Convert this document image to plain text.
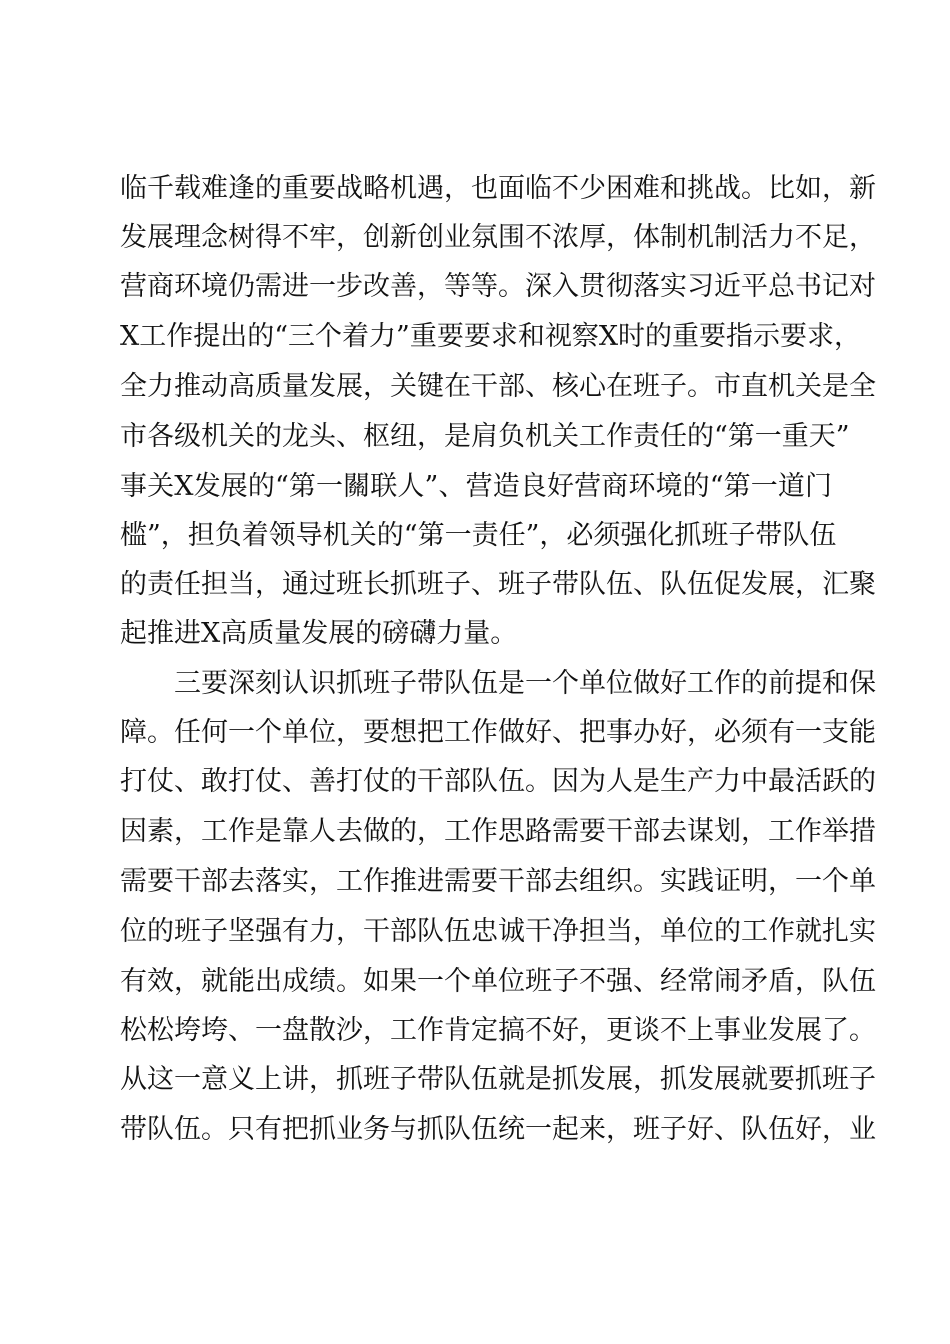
临千载难逢的重要战略机遇，也面临不少困难和挑战。比如，新
发展理念树得不牢，创新创业氛围不浓厚，体制机制活力不足，
营商环境仍需进一步改善，等等。深入贯彻落实习近平总书记对
X工作提出的“三个着力”重要要求和视察X时的重要指示要求，
全力推动高质量发展，关键在干部、核心在班子。市直机关是全
市各级机关的龙头、枢纽，是肩负机关工作责任的“第一重天”
事关X发展的“第一關联人”、营造良好营商环境的“第一道门
槛”，担负着领导机关的“第一责任”，必须强化抓班子带队伍
的责任担当，通过班长抓班子、班子带队伍、队伍促发展，汇聚
起推进X高质量发展的磅礴力量。
三要深刻认识抓班子带队伍是一个单位做好工作的前提和保
障。任何一个单位，要想把工作做好、把事办好，必须有一支能
打仗、敢打仗、善打仗的干部队伍。因为人是生产力中最活跃的
因素，工作是靠人去做的，工作思路需要干部去谋划，工作举措
需要干部去落实，工作推进需要干部去组织。实践证明，一个单
位的班子坚强有力，干部队伍忠诚干净担当，单位的工作就扎实
有效，就能出成绩。如果一个单位班子不强、经常闹矛盾，队伍
松松垮垮、一盘散沙，工作肯定搞不好，更谈不上事业发展了。
从这一意义上讲，抓班子带队伍就是抓发展，抓发展就要抓班子
带队伍。只有把抓业务与抓队伍统一起来，班子好、队伍好，业
